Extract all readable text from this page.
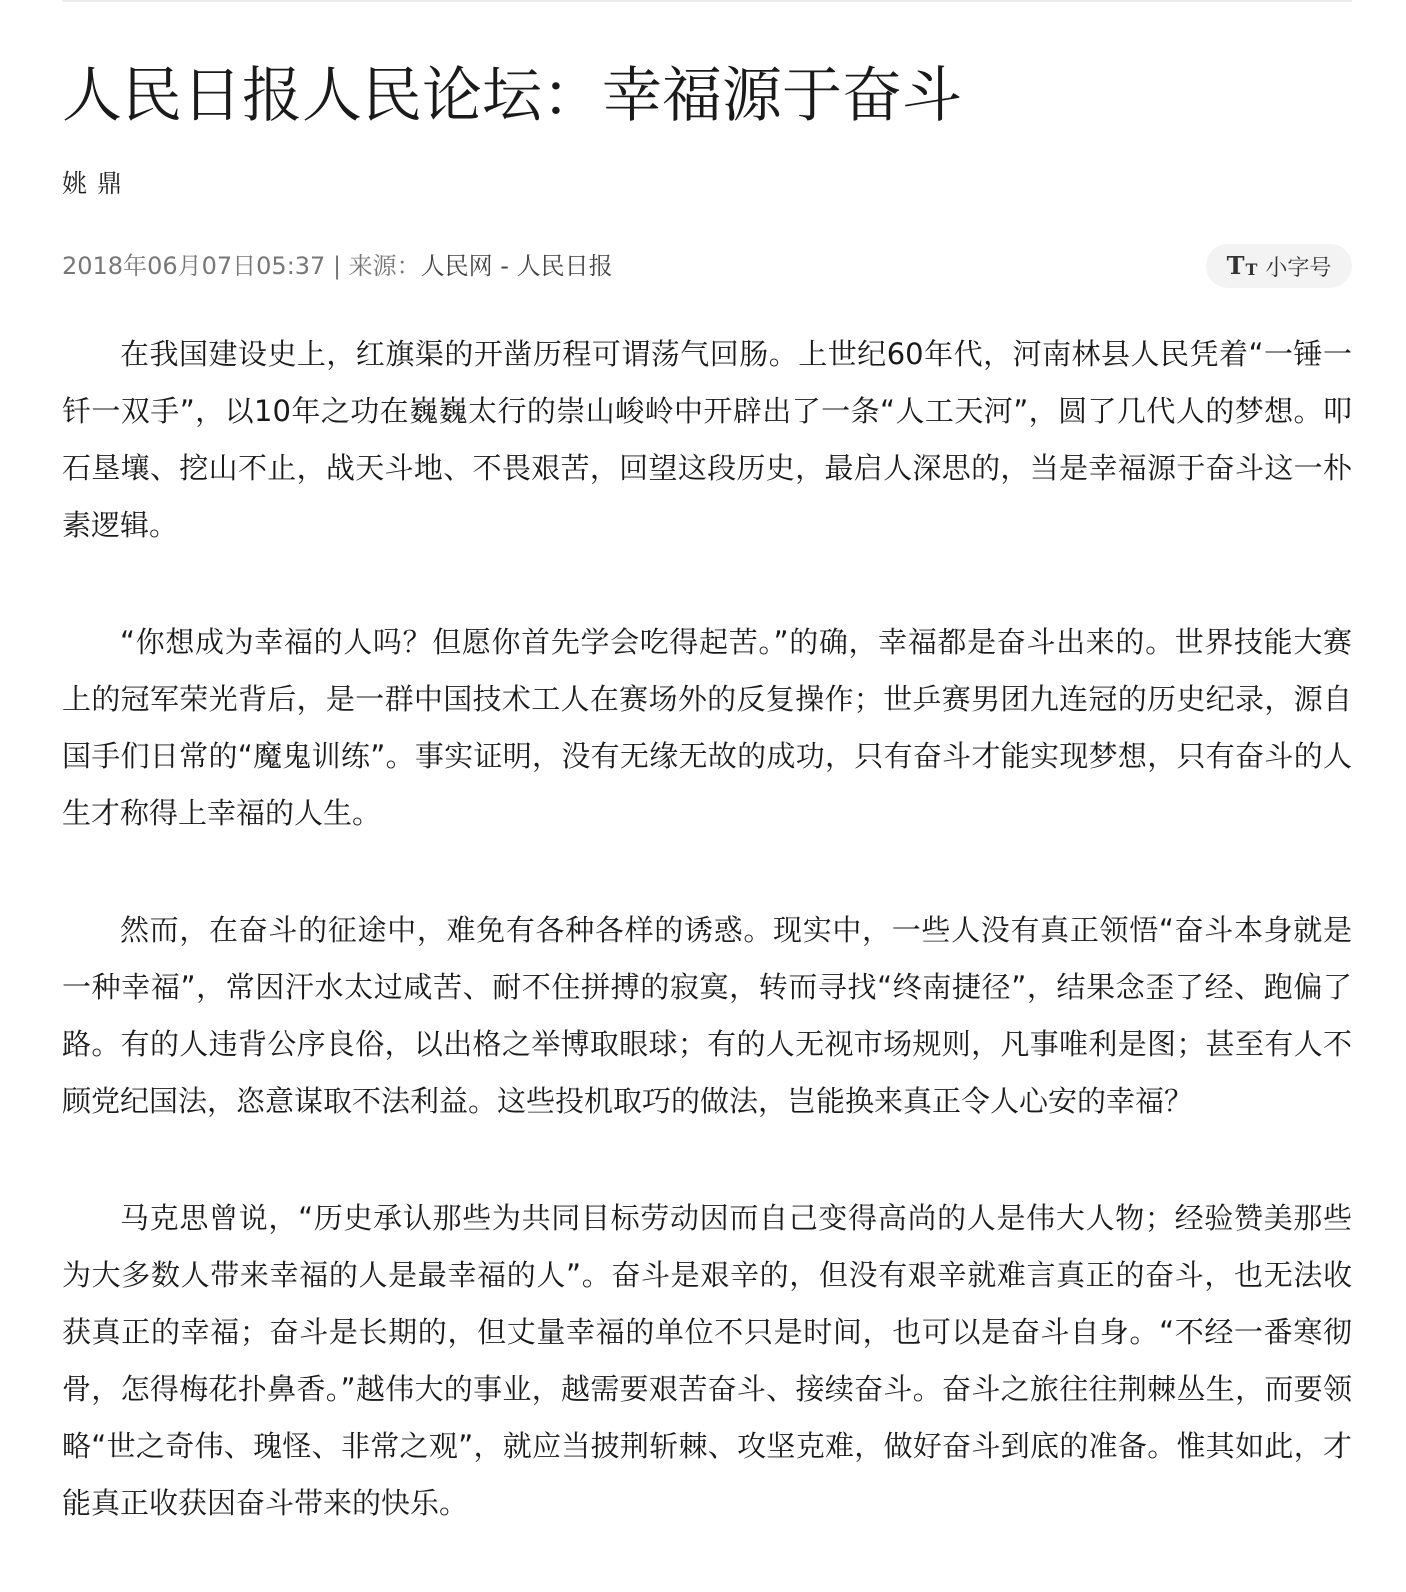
人民日报人民论坛：幸福源于奋斗
姚鼎
2018年06月07日05:37 | 来源：人民网 - 人民日报	T T 小字号

在我国建设史上，红旗渠的开凿历程可谓荡气回肠。上世纪60年代，河南林县人民凭着“一锤一钎一双手”，以10年之功在巍巍太行的崇山峻岭中开辟出了一条“人工天河”，圆了几代人的梦想。叩石垦壤、挖山不止，战天斗地、不畏艰苦，回望这段历史，最启人深思的，当是幸福源于奋斗这一朴素逻辑。

“你想成为幸福的人吗？但愿你首先学会吃得起苦。”的确，幸福都是奋斗出来的。世界技能大赛上的冠军荣光背后，是一群中国技术工人在赛场外的反复操作；世乒赛男团九连冠的历史纪录，源自国手们日常的“魔鬼训练”。事实证明，没有无缘无故的成功，只有奋斗才能实现梦想，只有奋斗的人生才称得上幸福的人生。

然而，在奋斗的征途中，难免有各种各样的诱惑。现实中，一些人没有真正领悟“奋斗本身就是一种幸福”，常因汗水太过咸苦、耐不住拼搏的寂寞，转而寻找“终南捷径”，结果念歪了经、跑偏了路。有的人违背公序良俗，以出格之举博取眼球；有的人无视市场规则，凡事唯利是图；甚至有人不顾党纪国法，恣意谋取不法利益。这些投机取巧的做法，岂能换来真正令人心安的幸福？

马克思曾说，“历史承认那些为共同目标劳动因而自己变得高尚的人是伟大人物；经验赞美那些为大多数人带来幸福的人是最幸福的人”。奋斗是艰辛的，但没有艰辛就难言真正的奋斗，也无法收获真正的幸福；奋斗是长期的，但丈量幸福的单位不只是时间，也可以是奋斗自身。“不经一番寒彻骨，怎得梅花扑鼻香。”越伟大的事业，越需要艰苦奋斗、接续奋斗。奋斗之旅往往荆棘丛生，而要领略“世之奇伟、瑰怪、非常之观”，就应当披荆斩棘、攻坚克难，做好奋斗到底的准备。惟其如此，才能真正收获因奋斗带来的快乐。
